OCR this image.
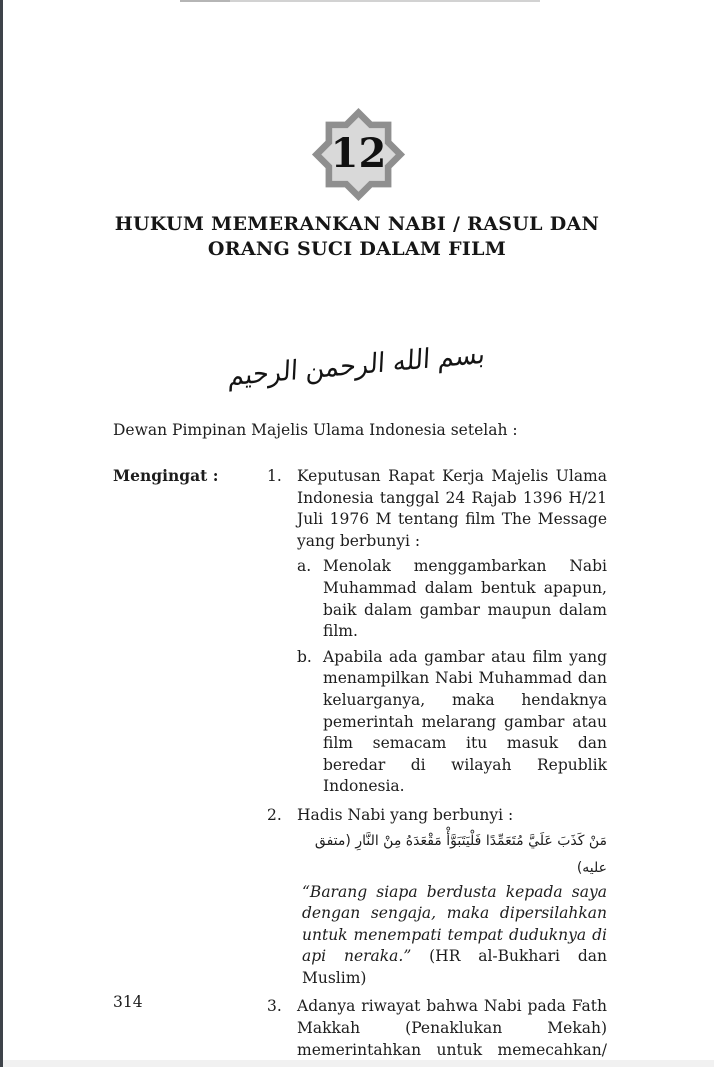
12
HUKUM MEMERANKAN NABI / RASUL DAN
ORANG SUCI DALAM FILM
بسم الله الرحمن الرحيم
Dewan Pimpinan Majelis Ulama Indonesia setelah :
Mengingat :	1. Keputusan Rapat Kerja Majelis Ulama Indonesia tanggal 24 Rajab 1396 H/21 Juli 1976 M tentang film The Message yang berbunyi :
a. Menolak menggambarkan Nabi Muhammad dalam bentuk apapun, baik dalam gambar maupun dalam film.
b. Apabila ada gambar atau film yang menampilkan Nabi Muhammad dan keluarganya, maka hendaknya pemerintah melarang gambar atau film semacam itu masuk dan beredar di wilayah Republik Indonesia.
2. Hadis Nabi yang berbunyi :
مَنْ كَذَبَ عَلَيَّ مُتَعَمِّدًا فَلْيَتَبَوَّأْ مَقْعَدَهُ مِنْ النَّارِ (متفق عليه)
“Barang siapa berdusta kepada saya dengan sengaja, maka dipersilahkan untuk menempati tempat duduknya di api neraka.” (HR al-Bukhari dan Muslim)
3. Adanya riwayat bahwa Nabi pada Fath Makkah (Penaklukan Mekah) memerintahkan untuk memecahkan/
314
